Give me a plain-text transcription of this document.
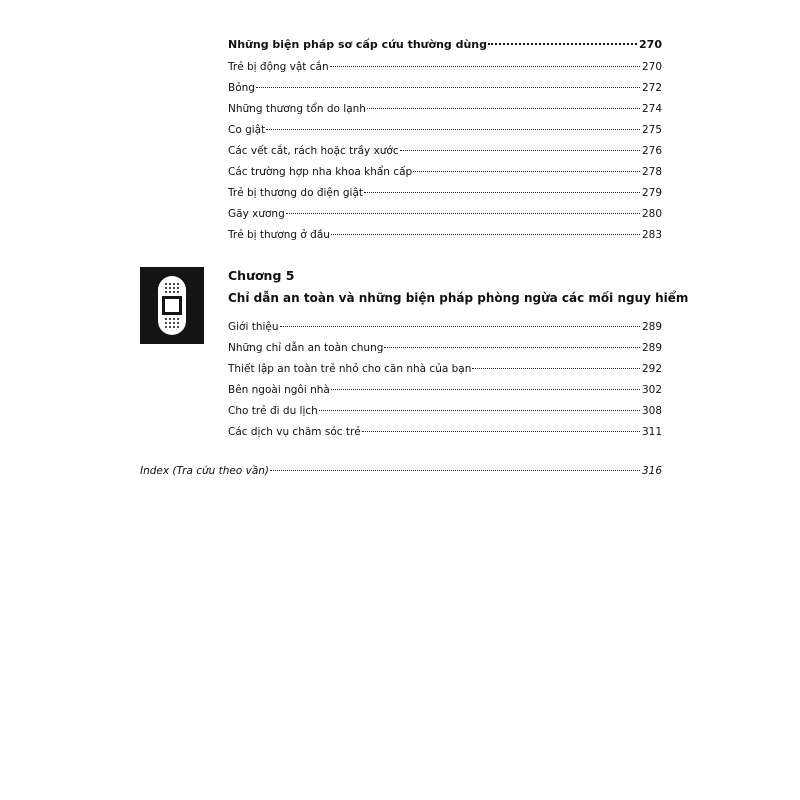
Những biện pháp sơ cấp cứu thường dùng	270
Trẻ bị động vật cắn	270
Bỏng	272
Những thương tổn do lạnh	274
Co giật	275
Các vết cắt, rách hoặc trầy xước	276
Các trường hợp nha khoa khẩn cấp	278
Trẻ bị thương do điện giật	279
Gãy xương	280
Trẻ bị thương ở đầu	283
Chương 5
Chỉ dẫn an toàn và những biện pháp phòng ngừa các mối nguy hiểm
Giới thiệu	289
Những chỉ dẫn an toàn chung	289
Thiết lập an toàn trẻ nhỏ cho căn nhà của bạn	292
Bên ngoài ngôi nhà	302
Cho trẻ đi du lịch	308
Các dịch vụ chăm sóc trẻ	311
Index (Tra cứu theo vần)	316
